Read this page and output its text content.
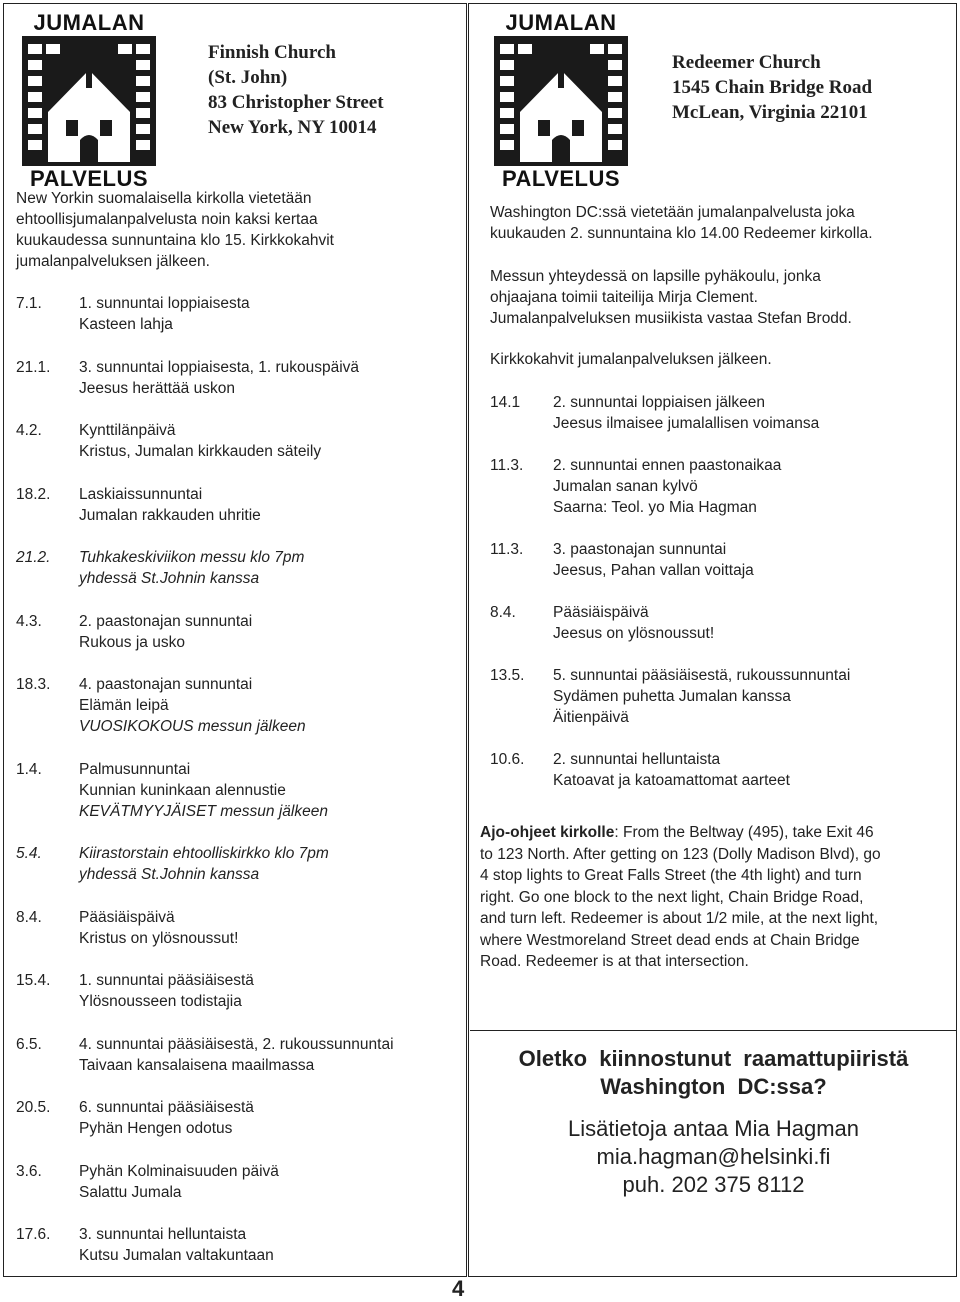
JUMALAN
PALVELUS
Finnish Church
(St. John)
83 Christopher Street
New York, NY 10014
New Yorkin suomalaisella kirkolla vietetään
ehtoollisjumalanpalvelusta noin kaksi kertaa
kuukaudessa sunnuntaina klo 15. Kirkkokahvit
jumalanpalveluksen jälkeen.
7.1. 1. sunnuntai loppiaisesta
Kasteen lahja
21.1. 3. sunnuntai loppiaisesta, 1. rukouspäivä
Jeesus herättää uskon
4.2. Kynttilänpäivä
Kristus, Jumalan kirkkauden säteily
18.2. Laskiaissunnuntai
Jumalan rakkauden uhritie
21.2. Tuhkakeskiviikon messu klo 7pm
yhdessä St.Johnin kanssa
4.3. 2. paastonajan sunnuntai
Rukous ja usko
18.3. 4. paastonajan sunnuntai
Elämän leipä
VUOSIKOKOUS messun jälkeen
1.4. Palmusunnuntai
Kunnian kuninkaan alennustie
KEVÄTMYYJÄISET messun jälkeen
5.4. Kiirastorstain ehtoolliskirkko klo 7pm
yhdessä St.Johnin kanssa
8.4. Pääsiäispäivä
Kristus on ylösnoussut!
15.4. 1. sunnuntai pääsiäisestä
Ylösnousseen todistajia
6.5. 4. sunnuntai pääsiäisestä, 2. rukoussunnuntai
Taivaan kansalaisena maailmassa
20.5. 6. sunnuntai pääsiäisestä
Pyhän Hengen odotus
3.6. Pyhän Kolminaisuuden päivä
Salattu Jumala
17.6. 3. sunnuntai helluntaista
Kutsu Jumalan valtakuntaan
JUMALAN
PALVELUS
Redeemer Church
1545 Chain Bridge Road
McLean, Virginia 22101
Washington DC:ssä vietetään jumalanpalvelusta joka
kuukauden 2. sunnuntaina klo 14.00 Redeemer kirkolla.
Messun yhteydessä on lapsille pyhäkoulu, jonka
ohjaajana toimii taiteilija Mirja Clement.
Jumalanpalveluksen musiikista vastaa Stefan Brodd.
Kirkkokahvit jumalanpalveluksen jälkeen.
14.1 2. sunnuntai loppiaisen jälkeen
Jeesus ilmaisee jumalallisen voimansa
11.3. 2. sunnuntai ennen paastonaikaa
Jumalan sanan kylvö
Saarna: Teol. yo Mia Hagman
11.3. 3. paastonajan sunnuntai
Jeesus, Pahan vallan voittaja
8.4. Pääsiäispäivä
Jeesus on ylösnoussut!
13.5. 5. sunnuntai pääsiäisestä, rukoussunnuntai
Sydämen puhetta Jumalan kanssa
Äitienpäivä
10.6. 2. sunnuntai helluntaista
Katoavat ja katoamattomat aarteet
Ajo-ohjeet kirkolle: From the Beltway (495), take Exit 46
to 123 North. After getting on 123 (Dolly Madison Blvd), go
4 stop lights to Great Falls Street (the 4th light) and turn
right. Go one block to the next light, Chain Bridge Road,
and turn left. Redeemer is about 1/2 mile, at the next light,
where Westmoreland Street dead ends at Chain Bridge
Road. Redeemer is at that intersection.
Oletko kiinnostunut raamattupiiristä
Washington DC:ssa?
Lisätietoja antaa Mia Hagman
mia.hagman@helsinki.fi
puh. 202 375 8112
4
